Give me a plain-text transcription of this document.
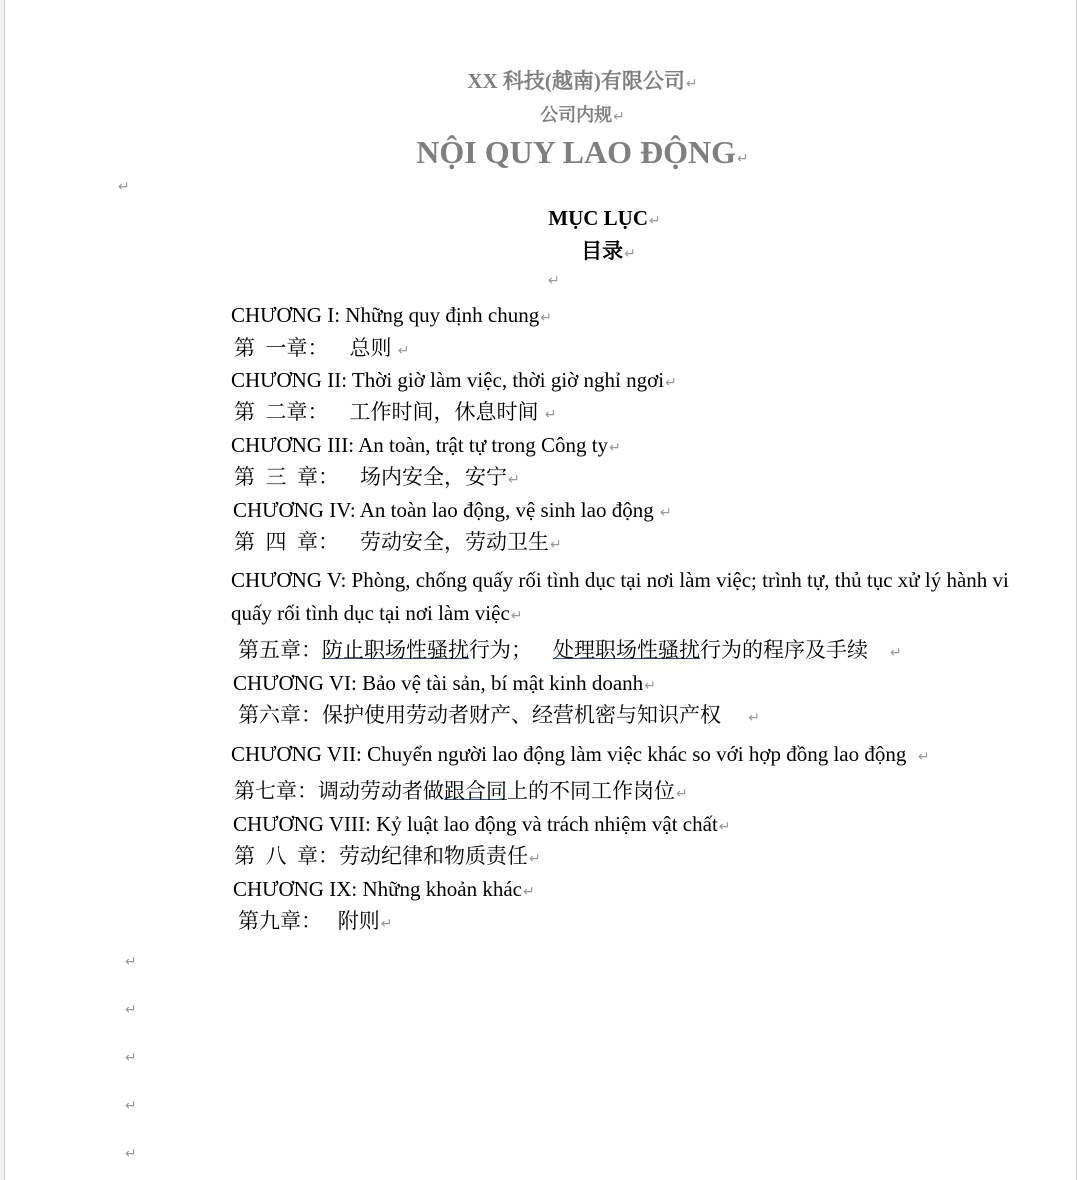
XX 科技(越南)有限公司↵
公司内规↵
NỘI QUY LAO ĐỘNG↵
↵
MỤC LỤC↵
目录↵
↵
CHƯƠNG I: Những quy định chung↵
第  一章：    总则 ↵
CHƯƠNG II: Thời giờ làm việc, thời giờ nghỉ ngơi↵
第  二章：    工作时间，休息时间 ↵
CHƯƠNG III: An toàn, trật tự trong Công ty↵
第  三  章：    场内安全，安宁↵
CHƯƠNG IV: An toàn lao động, vệ sinh lao động ↵
第  四  章：    劳动安全，劳动卫生↵
CHƯƠNG V: Phòng, chống quấy rối tình dục tại nơi làm việc; trình tự, thủ tục xử lý hành vi quấy rối tình dục tại nơi làm việc↵
第五章：防止职场性骚扰行为；    处理职场性骚扰行为的程序及手续    ↵
CHƯƠNG VI: Bảo vệ tài sản, bí mật kinh doanh↵
第六章：保护使用劳动者财产、经营机密与知识产权     ↵
CHƯƠNG VII: Chuyển người lao động làm việc khác so với hợp đồng lao động  ↵
第七章：调动劳动者做跟合同上的不同工作岗位↵
CHƯƠNG VIII: Kỷ luật lao động và trách nhiệm vật chất↵
第  八  章：劳动纪律和物质责任↵
CHƯƠNG IX: Những khoản khác↵
第九章：   附则↵
↵
↵
↵
↵
↵
